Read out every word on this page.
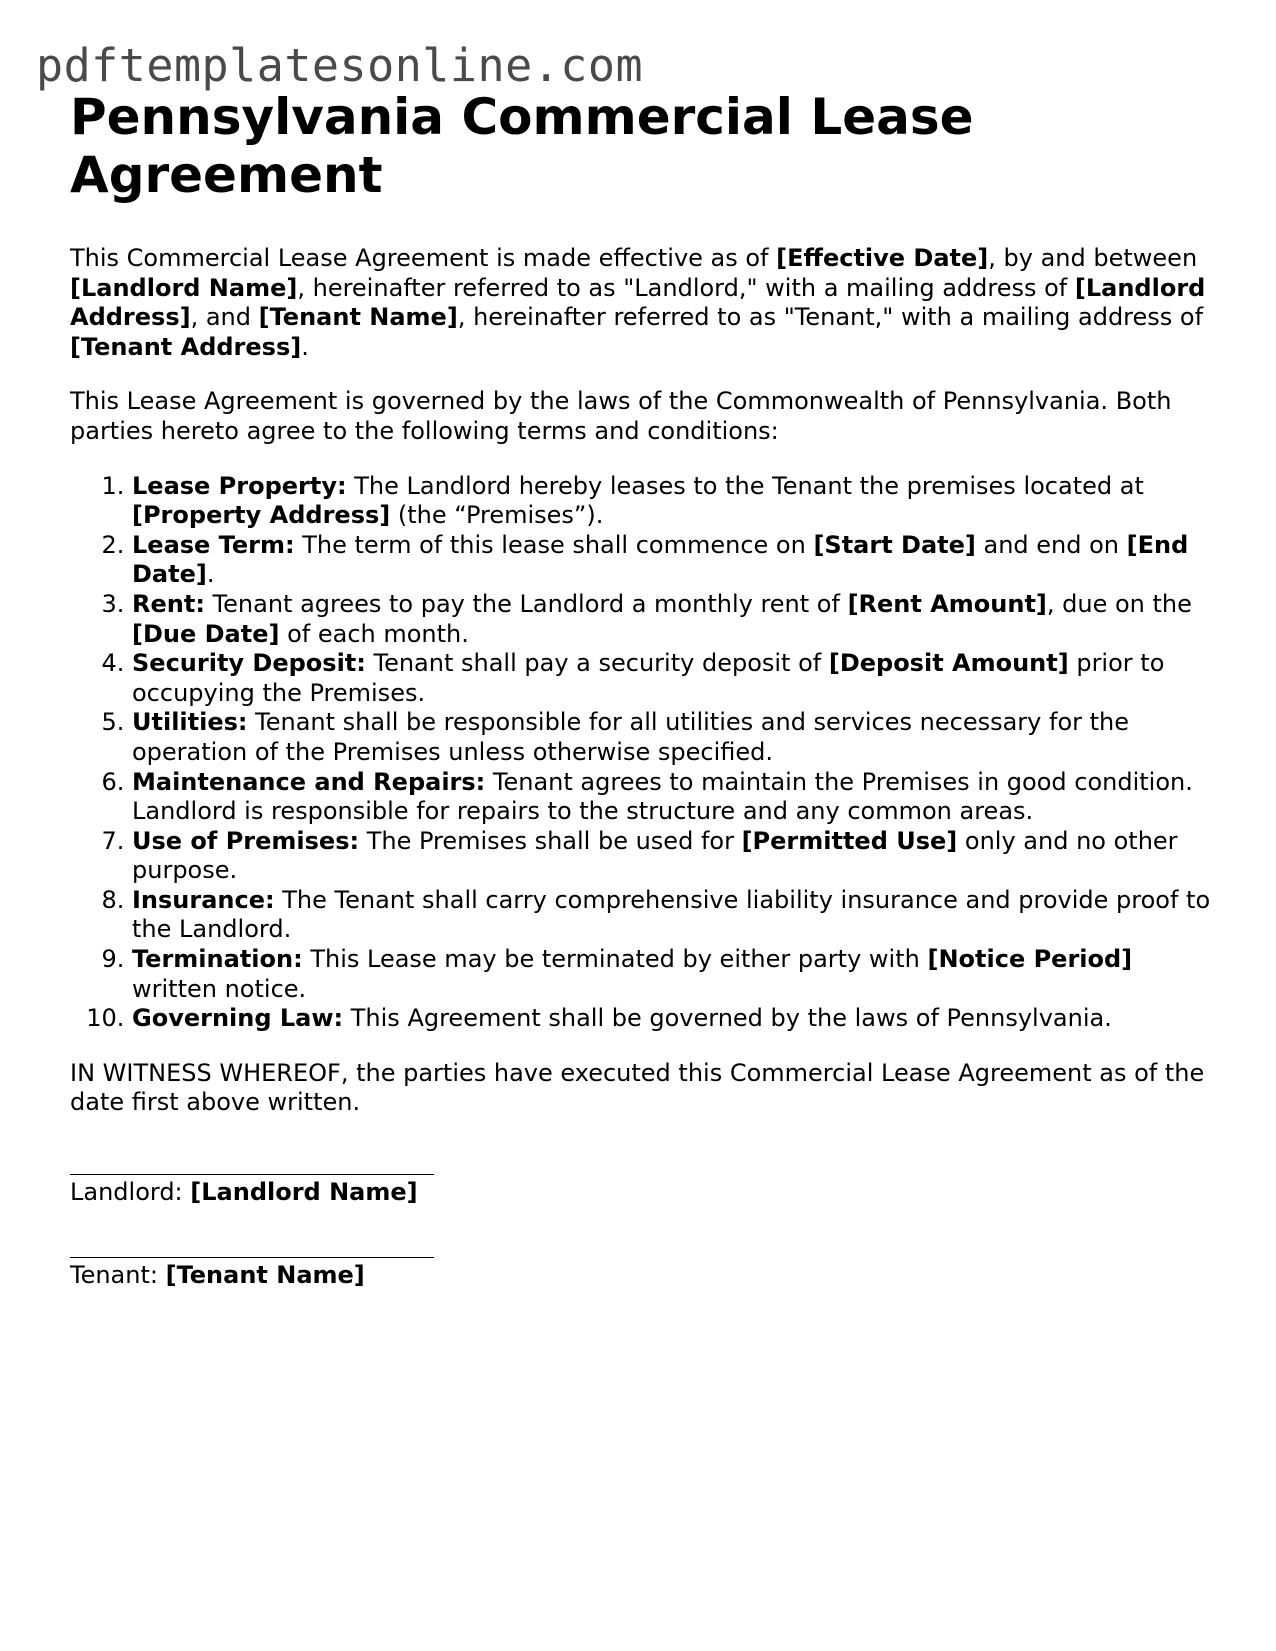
pdftemplatesonline.com
Pennsylvania Commercial Lease Agreement

This Commercial Lease Agreement is made effective as of [Effective Date], by and between [Landlord Name], hereinafter referred to as "Landlord," with a mailing address of [Landlord Address], and [Tenant Name], hereinafter referred to as "Tenant," with a mailing address of [Tenant Address].

This Lease Agreement is governed by the laws of the Commonwealth of Pennsylvania. Both parties hereto agree to the following terms and conditions:

1. Lease Property: The Landlord hereby leases to the Tenant the premises located at [Property Address] (the “Premises”).
2. Lease Term: The term of this lease shall commence on [Start Date] and end on [End Date].
3. Rent: Tenant agrees to pay the Landlord a monthly rent of [Rent Amount], due on the [Due Date] of each month.
4. Security Deposit: Tenant shall pay a security deposit of [Deposit Amount] prior to occupying the Premises.
5. Utilities: Tenant shall be responsible for all utilities and services necessary for the operation of the Premises unless otherwise specified.
6. Maintenance and Repairs: Tenant agrees to maintain the Premises in good condition. Landlord is responsible for repairs to the structure and any common areas.
7. Use of Premises: The Premises shall be used for [Permitted Use] only and no other purpose.
8. Insurance: The Tenant shall carry comprehensive liability insurance and provide proof to the Landlord.
9. Termination: This Lease may be terminated by either party with [Notice Period] written notice.
10. Governing Law: This Agreement shall be governed by the laws of Pennsylvania.

IN WITNESS WHEREOF, the parties have executed this Commercial Lease Agreement as of the date first above written.

Landlord: [Landlord Name]
Tenant: [Tenant Name]
